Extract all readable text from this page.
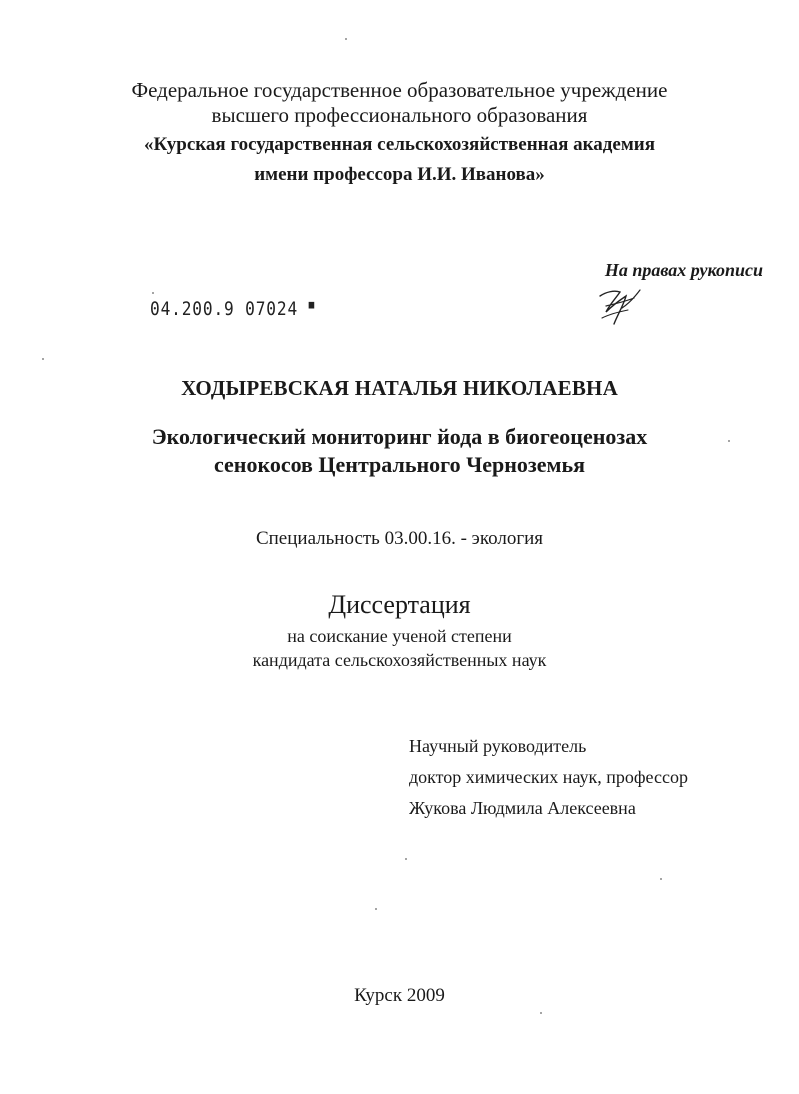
Федеральное государственное образовательное учреждение
высшего профессионального образования
«Курская государственная сельскохозяйственная академия
имени профессора И.И. Иванова»
На правах рукописи
04.200.9 07024 ■
ХОДЫРЕВСКАЯ НАТАЛЬЯ НИКОЛАЕВНА
Экологический мониторинг йода в биогеоценозах
сенокосов Центрального Черноземья
Специальность 03.00.16. - экология
Диссертация
на соискание ученой степени
кандидата сельскохозяйственных наук
Научный руководитель
доктор химических наук, профессор
Жукова Людмила Алексеевна
Курск 2009
